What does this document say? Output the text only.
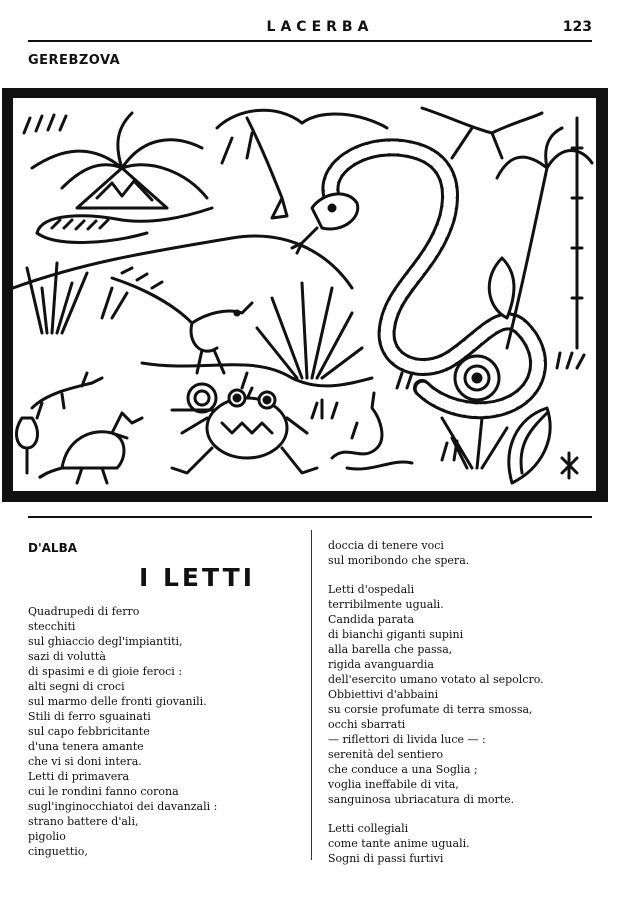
LACERBA	123
GEREBZOVA
D'ALBA
I LETTI
Quadrupedi di ferro
stecchiti
sul ghiaccio degl'impiantiti,
sazi di voluttà
di spasimi e di gioie feroci :
alti segni di croci
sul marmo delle fronti giovanili.
Stili di ferro sguainati
sul capo febbricitante
d'una tenera amante
che vi si doni intera.
Letti di primavera
cui le rondini fanno corona
sugl'inginocchiatoi dei davanzali :
strano battere d'ali,
pigolio
cinguettio,
doccia di tenere voci
sul moribondo che spera.
Letti d'ospedali
terribilmente uguali.
Candida parata
di bianchi giganti supini
alla barella che passa,
rigida avanguardia
dell'esercito umano votato al sepolcro.
Obbiettivi d'abbaini
su corsie profumate di terra smossa,
occhi sbarrati
— riflettori di livida luce — :
serenità del sentiero
che conduce a una Soglia ;
voglia ineffabile di vita,
sanguinosa ubriacatura di morte.
Letti collegiali
come tante anime uguali.
Sogni di passi furtivi
